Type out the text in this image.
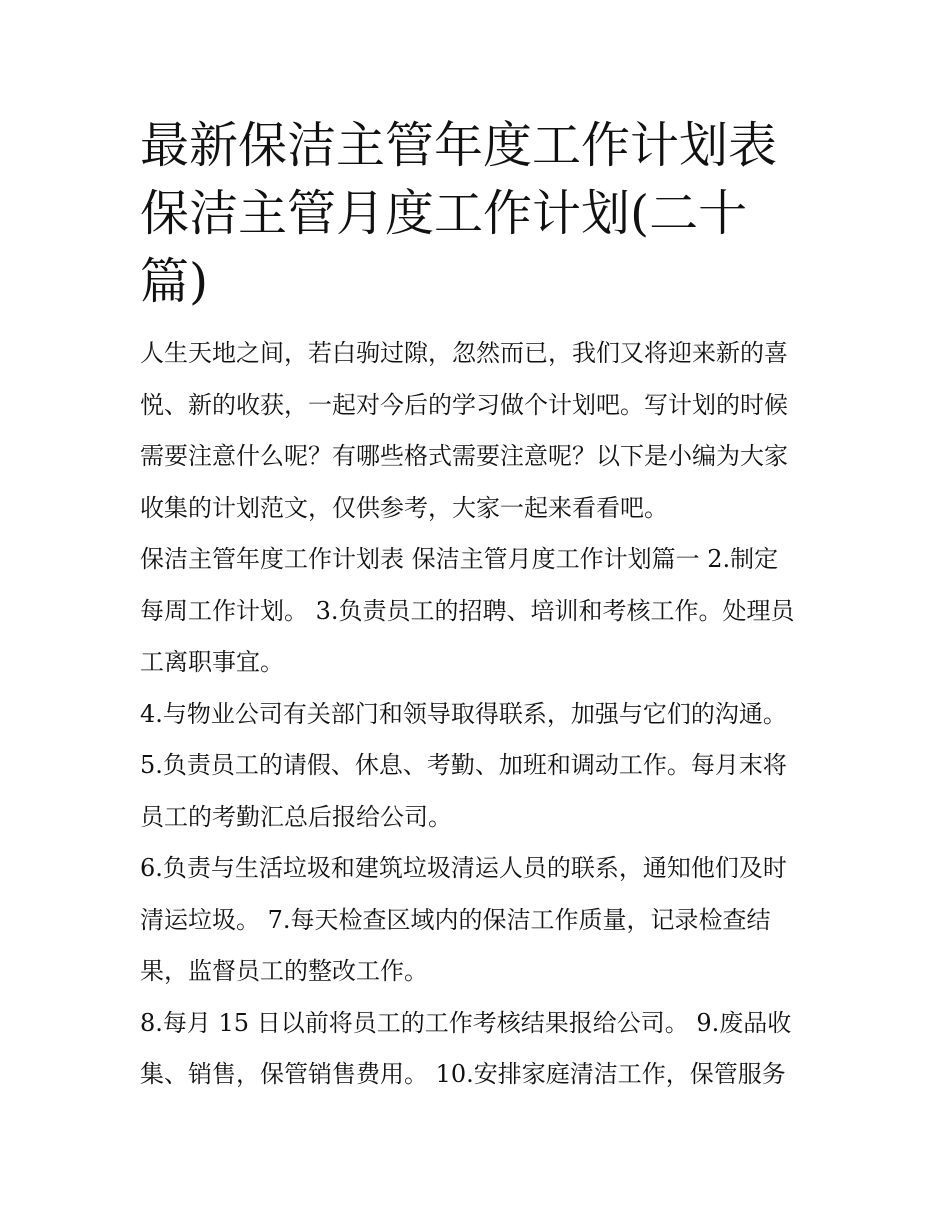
最新保洁主管年度工作计划表
保洁主管月度工作计划(二十
篇)
人生天地之间，若白驹过隙，忽然而已，我们又将迎来新的喜
悦、新的收获，一起对今后的学习做个计划吧。写计划的时候
需要注意什么呢？有哪些格式需要注意呢？以下是小编为大家
收集的计划范文，仅供参考，大家一起来看看吧。
保洁主管年度工作计划表 保洁主管月度工作计划篇一 2.制定
每周工作计划。 3.负责员工的招聘、培训和考核工作。处理员
工离职事宜。
4.与物业公司有关部门和领导取得联系，加强与它们的沟通。
5.负责员工的请假、休息、考勤、加班和调动工作。每月末将
员工的考勤汇总后报给公司。
6.负责与生活垃圾和建筑垃圾清运人员的联系，通知他们及时
清运垃圾。 7.每天检查区域内的保洁工作质量，记录检查结
果，监督员工的整改工作。
8.每月 15 日以前将员工的工作考核结果报给公司。 9.废品收
集、销售，保管销售费用。 10.安排家庭清洁工作，保管服务
